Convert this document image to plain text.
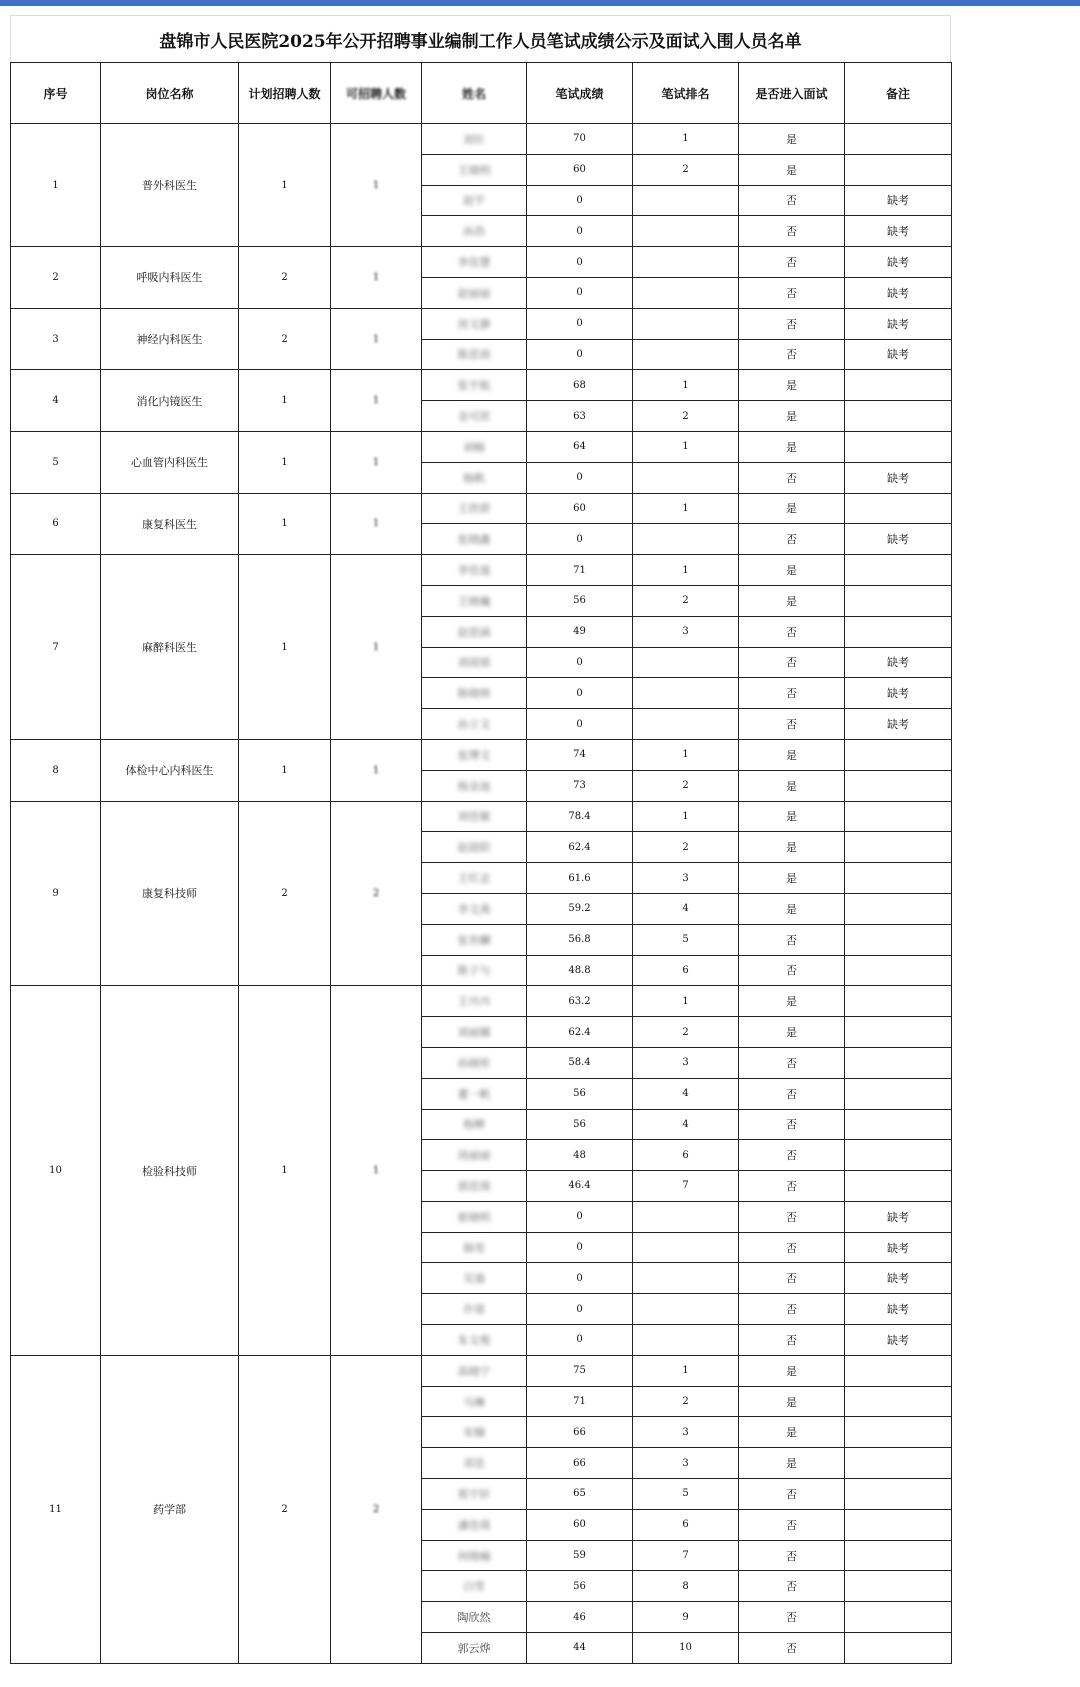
盘锦市人民医院2025年公开招聘事业编制工作人员笔试成绩公示及面试入围人员名单
序号	岗位名称	计划招聘人数	可招聘人数	姓名	笔试成绩	笔试排名	是否进入面试	备注
1	普外科医生	1	1	刘壮	70	1	是	
				王晓明	60	2	是	
				赵宇	0		否	缺考
				孙浩	0		否	缺考
2	呼吸内科医生	2	1	李佳慧	0		否	缺考
				赵丽丽	0		否	缺考
3	神经内科医生	2	1	周文静	0		否	缺考
				陈思雨	0		否	缺考
4	消化内镜医生	1	1	张宇航	68	1	是	
				金可欣	63	2	是	
5	心血管内科医生	1	1	刘畅	64	1	是	
				杨帆	0		否	缺考
6	康复科医生	1	1	王欣妍	60	1	是	
				张晓鑫	0		否	缺考
7	麻醉科医生	1	1	李佳晟	71	1	是	
				王晓巍	56	2	是	
				赵思涵	49	3	否	
				刘雨瑶	0		否	缺考
				陈晓帅	0		否	缺考
				孙立文	0		否	缺考
8	体检中心内科医生	1	1	张博文	74	1	是	
				杨金池	73	2	是	
9	康复科技师	2	2	刘佳敏	78.4	1	是	
				赵晨阳	62.4	2	是	
				王红志	61.6	3	是	
				李文禹	59.2	4	是	
				张世麟	56.8	5	否	
				陈子与	48.8	6	否	
10	检验科技师	1	1	王丹丹	63.2	1	是	
				刘丽娜	62.4	2	是	
				孙晓彤	58.4	3	否	
				董一帆	56	4	否	
				杨柳	56	4	否	
				周丽丽	48	6	否	
				郭佳琪	46.4	7	否	
				崔晓明	0		否	缺考
				韩雪	0		否	缺考
				吴迪	0		否	缺考
				许诺	0		否	缺考
				朱文俊	0		否	缺考
11	药学部	2	2	高晓宁	75	1	是	
				马琳	71	2	是	
				宋楠	66	3	是	
				邓佳	66	3	是	
				郑宇轩	65	5	否	
				潘佳琪	60	6	否	
				何晓楠	59	7	否	
				白雪	56	8	否	
				陶欣然	46	9	否	
				郭云烨	44	10	否	
